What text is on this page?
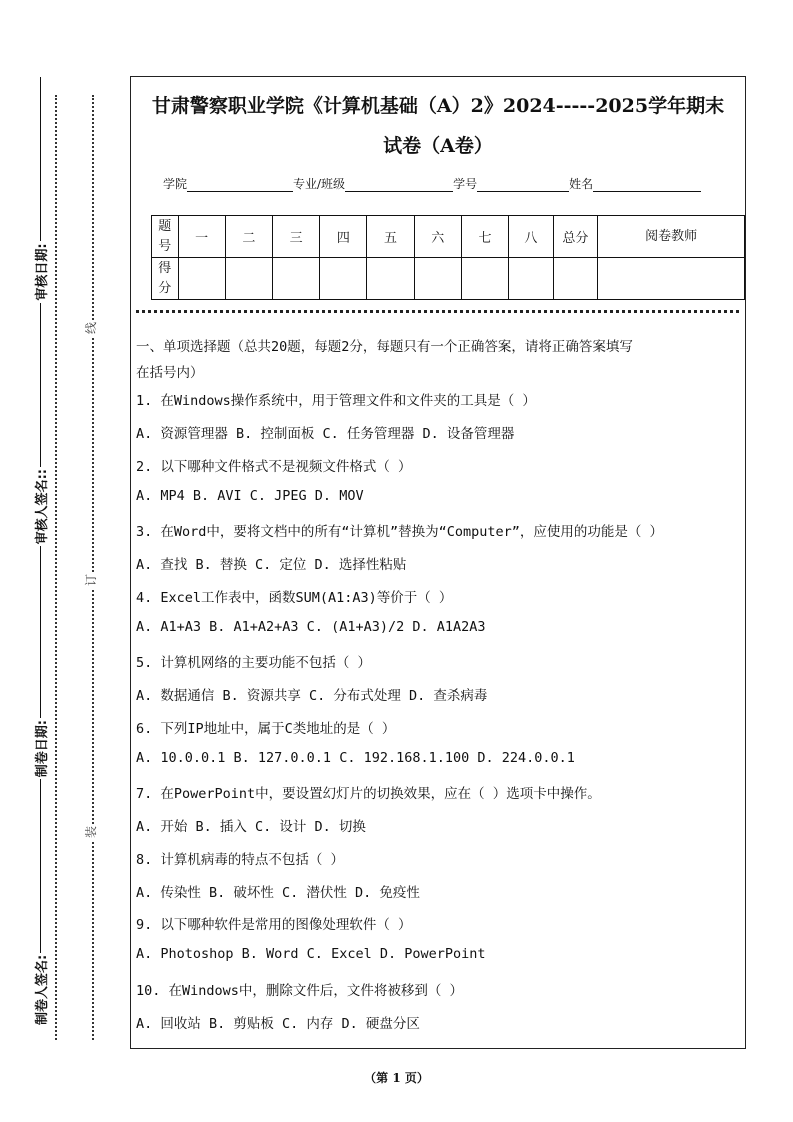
制卷人签名:
制卷日期:
审核人签名::
审核日期:
装
订
线
甘肃警察职业学院《计算机基础（A）2》2024-----2025学年期末
试卷（A卷）
学院	专业/班级	学号	姓名
题号	一	二	三	四	五	六	七	八	总分	阅卷教师
得分										
一、单项选择题（总共20题，每题2分，每题只有一个正确答案，请将正确答案填写
在括号内）
1. 在Windows操作系统中，用于管理文件和文件夹的工具是（ ）
A. 资源管理器 B. 控制面板 C. 任务管理器 D. 设备管理器
2. 以下哪种文件格式不是视频文件格式（ ）
A. MP4 B. AVI C. JPEG D. MOV
3. 在Word中，要将文档中的所有“计算机”替换为“Computer”，应使用的功能是（ ）
A. 查找 B. 替换 C. 定位 D. 选择性粘贴
4. Excel工作表中，函数SUM(A1:A3)等价于（ ）
A. A1+A3 B. A1+A2+A3 C. (A1+A3)/2 D. A1A2A3
5. 计算机网络的主要功能不包括（ ）
A. 数据通信 B. 资源共享 C. 分布式处理 D. 查杀病毒
6. 下列IP地址中，属于C类地址的是（ ）
A. 10.0.0.1 B. 127.0.0.1 C. 192.168.1.100 D. 224.0.0.1
7. 在PowerPoint中，要设置幻灯片的切换效果，应在（ ）选项卡中操作。
A. 开始 B. 插入 C. 设计 D. 切换
8. 计算机病毒的特点不包括（ ）
A. 传染性 B. 破坏性 C. 潜伏性 D. 免疫性
9. 以下哪种软件是常用的图像处理软件（ ）
A. Photoshop B. Word C. Excel D. PowerPoint
10. 在Windows中，删除文件后，文件将被移到（ ）
A. 回收站 B. 剪贴板 C. 内存 D. 硬盘分区
（第 1 页）
